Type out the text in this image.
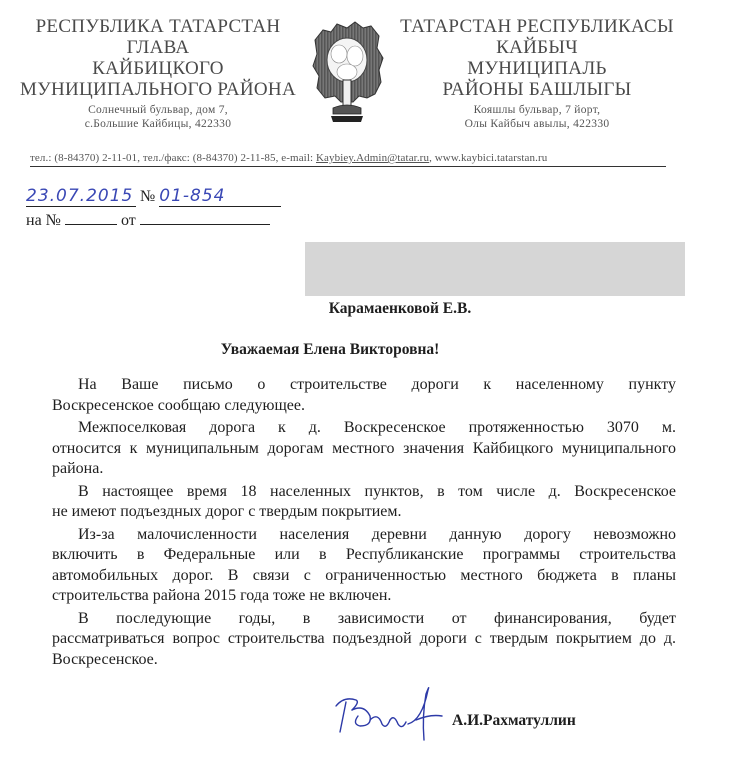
РЕСПУБЛИКА ТАТАРСТАН
ГЛАВА
КАЙБИЦКОГО
МУНИЦИПАЛЬНОГО РАЙОНА
Солнечный бульвар, дом 7,
с.Большие Кайбицы, 422330
ТАТАРСТАН РЕСПУБЛИКАСЫ
КАЙБЫЧ
МУНИЦИПАЛЬ
РАЙОНЫ БАШЛЫГЫ
Кояшлы бульвар, 7 йорт,
Олы Кайбыч авылы, 422330
тел.: (8-84370) 2-11-01, тел./факс: (8-84370) 2-11-85, e-mail: Kaybiey.Admin@tatar.ru, www.kaybici.tatarstan.ru
23.07.2015 № 01-854
на №	от
Карамаенковой Е.В.
Уважаемая Елена Викторовна!
На Ваше письмо о строительстве дороги к населенному пункту
Воскресенское сообщаю следующее.
Межпоселковая дорога к д. Воскресенское протяженностью 3070 м.
относится к муниципальным дорогам местного значения Кайбицкого муниципального района.
В настоящее время 18 населенных пунктов, в том числе д. Воскресенское
не имеют подъездных дорог с твердым покрытием.
Из-за малочисленности населения деревни данную дорогу невозможно
включить в Федеральные или в Республиканские программы строительства автомобильных дорог. В связи с ограниченностью местного бюджета в планы строительства района 2015 года тоже не включен.
В последующие годы, в зависимости от финансирования, будет
рассматриваться вопрос строительства подъездной дороги с твердым покрытием до д. Воскресенское.
А.И.Рахматуллин
